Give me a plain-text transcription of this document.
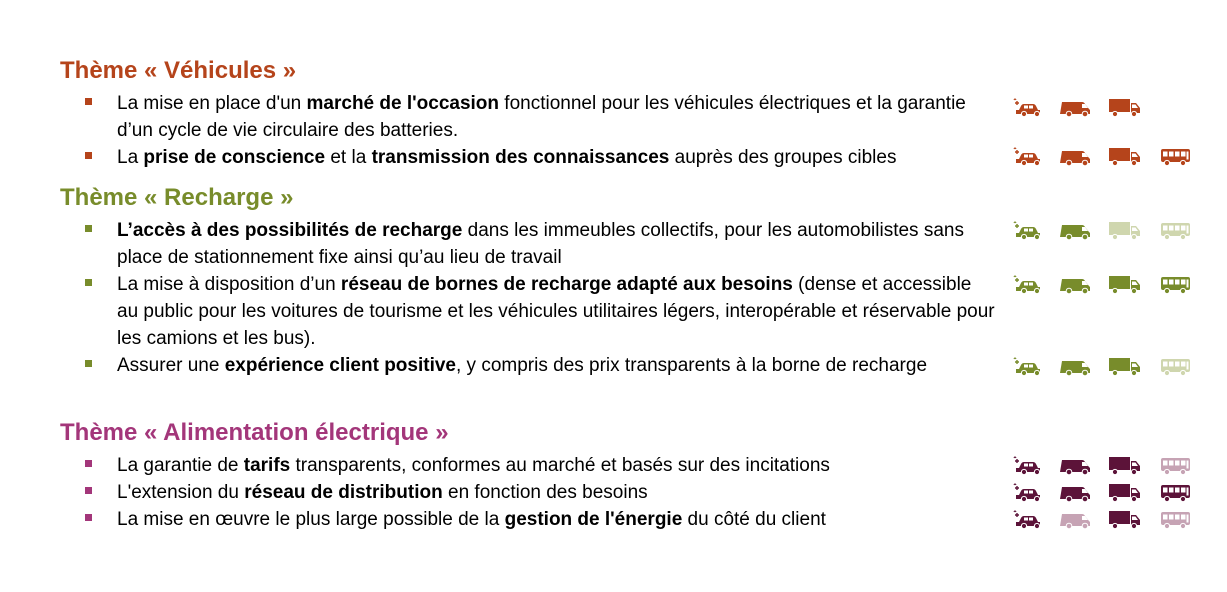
Thème « Véhicules »
La mise en place d'un marché de l'occasion fonctionnel pour les véhicules électriques et la garantie d’un cycle de vie circulaire des batteries.
La prise de conscience et la transmission des connaissances auprès des groupes cibles
Thème « Recharge »
L’accès à des possibilités de recharge dans les immeubles collectifs, pour les automobilistes sans place de stationnement fixe ainsi qu’au lieu de travail
La mise à disposition d’un réseau de bornes de recharge adapté aux besoins (dense et accessible au public pour les voitures de tourisme et les véhicules utilitaires légers, interopérable et réservable pour les camions et les bus).
Assurer une expérience client positive, y compris des prix transparents à la borne de recharge
Thème « Alimentation électrique »
La garantie de tarifs transparents, conformes au marché et basés sur des incitations
L'extension du réseau de distribution en fonction des besoins
La mise en œuvre le plus large possible de la gestion de l'énergie du côté du client
